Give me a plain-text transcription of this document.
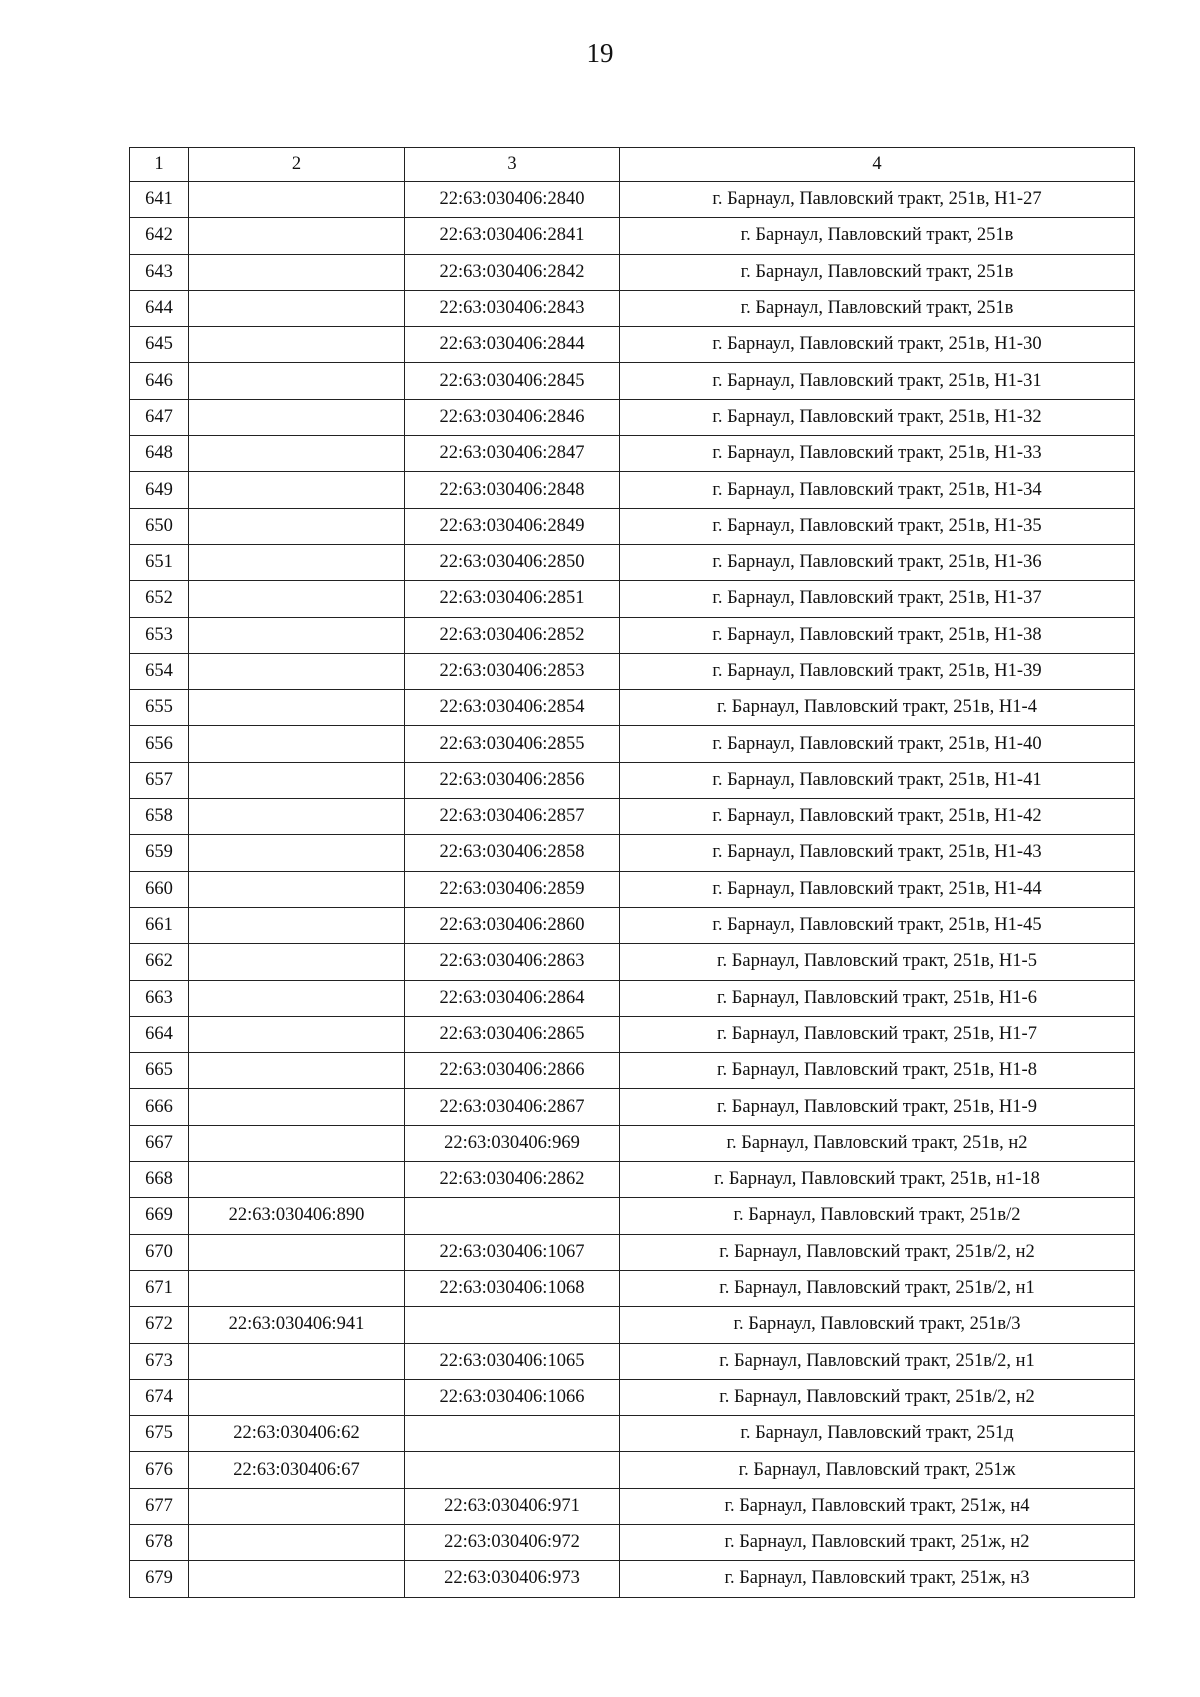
19
1	2	3	4
641		22:63:030406:2840	г. Барнаул, Павловский тракт, 251в, Н1-27
642		22:63:030406:2841	г. Барнаул, Павловский тракт, 251в
643		22:63:030406:2842	г. Барнаул, Павловский тракт, 251в
644		22:63:030406:2843	г. Барнаул, Павловский тракт, 251в
645		22:63:030406:2844	г. Барнаул, Павловский тракт, 251в, Н1-30
646		22:63:030406:2845	г. Барнаул, Павловский тракт, 251в, Н1-31
647		22:63:030406:2846	г. Барнаул, Павловский тракт, 251в, Н1-32
648		22:63:030406:2847	г. Барнаул, Павловский тракт, 251в, Н1-33
649		22:63:030406:2848	г. Барнаул, Павловский тракт, 251в, Н1-34
650		22:63:030406:2849	г. Барнаул, Павловский тракт, 251в, Н1-35
651		22:63:030406:2850	г. Барнаул, Павловский тракт, 251в, Н1-36
652		22:63:030406:2851	г. Барнаул, Павловский тракт, 251в, Н1-37
653		22:63:030406:2852	г. Барнаул, Павловский тракт, 251в, Н1-38
654		22:63:030406:2853	г. Барнаул, Павловский тракт, 251в, Н1-39
655		22:63:030406:2854	г. Барнаул, Павловский тракт, 251в, Н1-4
656		22:63:030406:2855	г. Барнаул, Павловский тракт, 251в, Н1-40
657		22:63:030406:2856	г. Барнаул, Павловский тракт, 251в, Н1-41
658		22:63:030406:2857	г. Барнаул, Павловский тракт, 251в, Н1-42
659		22:63:030406:2858	г. Барнаул, Павловский тракт, 251в, Н1-43
660		22:63:030406:2859	г. Барнаул, Павловский тракт, 251в, Н1-44
661		22:63:030406:2860	г. Барнаул, Павловский тракт, 251в, Н1-45
662		22:63:030406:2863	г. Барнаул, Павловский тракт, 251в, Н1-5
663		22:63:030406:2864	г. Барнаул, Павловский тракт, 251в, Н1-6
664		22:63:030406:2865	г. Барнаул, Павловский тракт, 251в, Н1-7
665		22:63:030406:2866	г. Барнаул, Павловский тракт, 251в, Н1-8
666		22:63:030406:2867	г. Барнаул, Павловский тракт, 251в, Н1-9
667		22:63:030406:969	г. Барнаул, Павловский тракт, 251в, н2
668		22:63:030406:2862	г. Барнаул, Павловский тракт, 251в, н1-18
669	22:63:030406:890		г. Барнаул, Павловский тракт, 251в/2
670		22:63:030406:1067	г. Барнаул, Павловский тракт, 251в/2, н2
671		22:63:030406:1068	г. Барнаул, Павловский тракт, 251в/2, н1
672	22:63:030406:941		г. Барнаул, Павловский тракт, 251в/3
673		22:63:030406:1065	г. Барнаул, Павловский тракт, 251в/2, н1
674		22:63:030406:1066	г. Барнаул, Павловский тракт, 251в/2, н2
675	22:63:030406:62		г. Барнаул, Павловский тракт, 251д
676	22:63:030406:67		г. Барнаул, Павловский тракт, 251ж
677		22:63:030406:971	г. Барнаул, Павловский тракт, 251ж, н4
678		22:63:030406:972	г. Барнаул, Павловский тракт, 251ж, н2
679		22:63:030406:973	г. Барнаул, Павловский тракт, 251ж, н3
